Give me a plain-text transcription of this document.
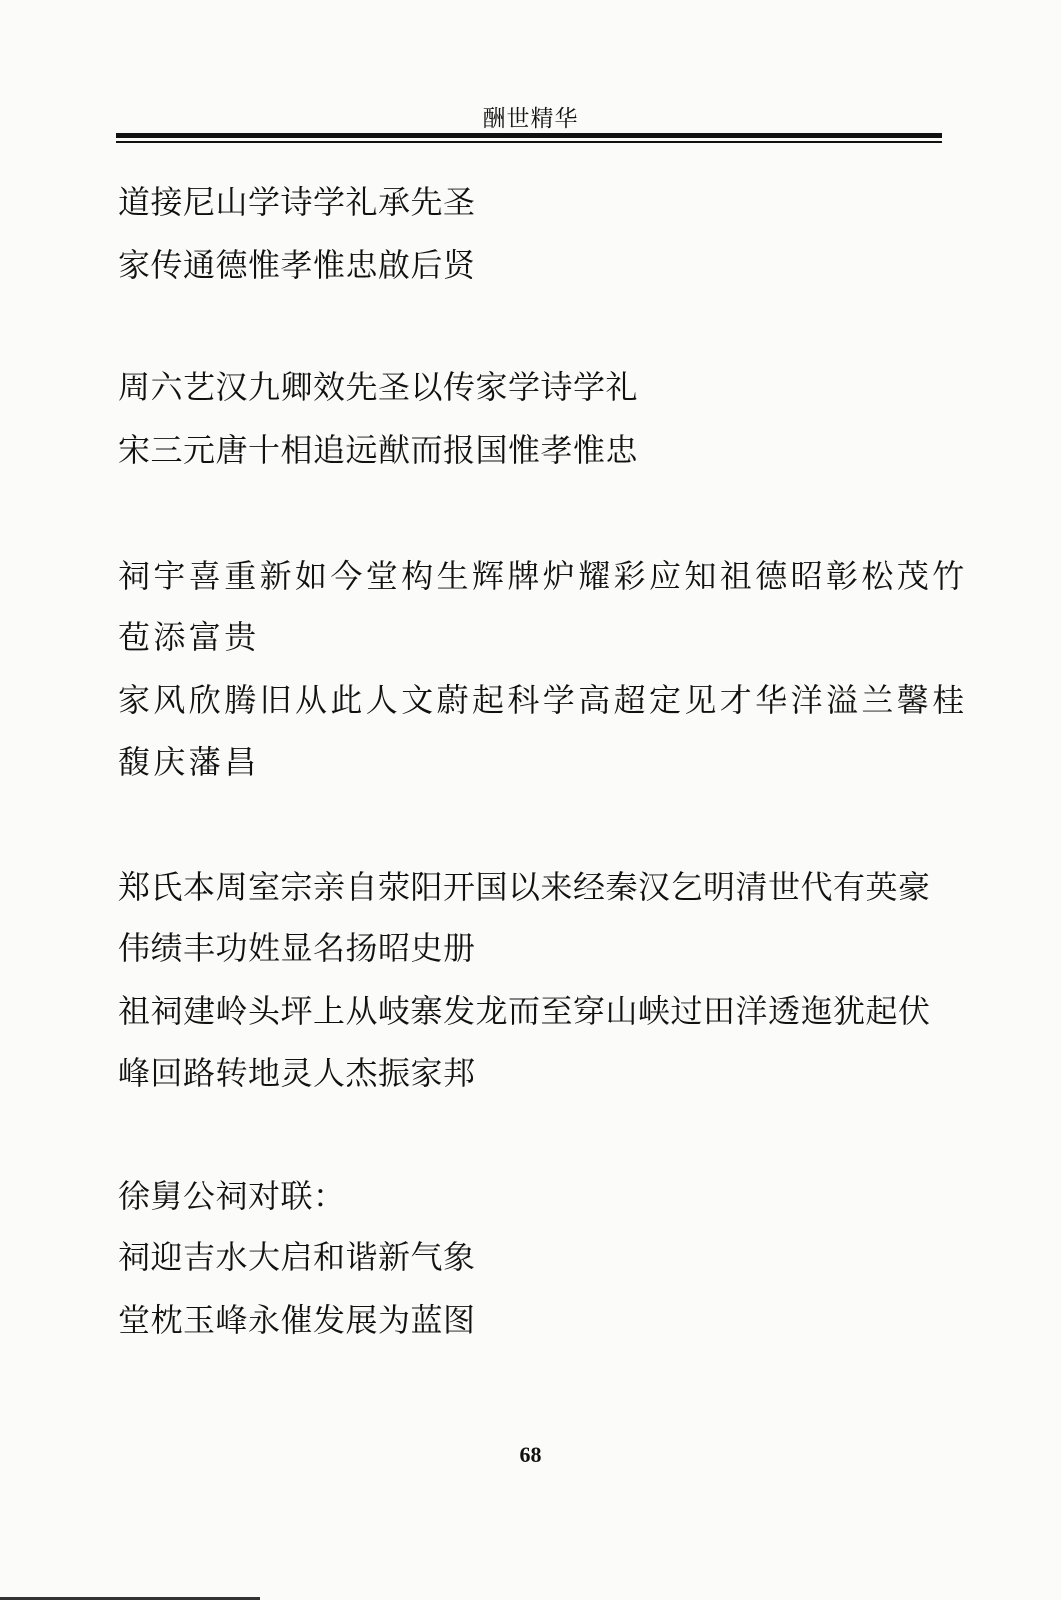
酬世精华
道接尼山学诗学礼承先圣
家传通德惟孝惟忠啟后贤
周六艺汉九卿效先圣以传家学诗学礼
宋三元唐十相追远猷而报国惟孝惟忠
祠宇喜重新如今堂构生辉牌炉耀彩应知祖德昭彰松茂竹
苞添富贵
家风欣腾旧从此人文蔚起科学高超定见才华洋溢兰馨桂
馥庆藩昌
郑氏本周室宗亲自荥阳开国以来经秦汉乞明清世代有英豪
伟绩丰功姓显名扬昭史册
祖祠建岭头坪上从岐寨发龙而至穿山峡过田洋透迤犹起伏
峰回路转地灵人杰振家邦
徐舅公祠对联：
祠迎吉水大启和谐新气象
堂枕玉峰永催发展为蓝图
68
